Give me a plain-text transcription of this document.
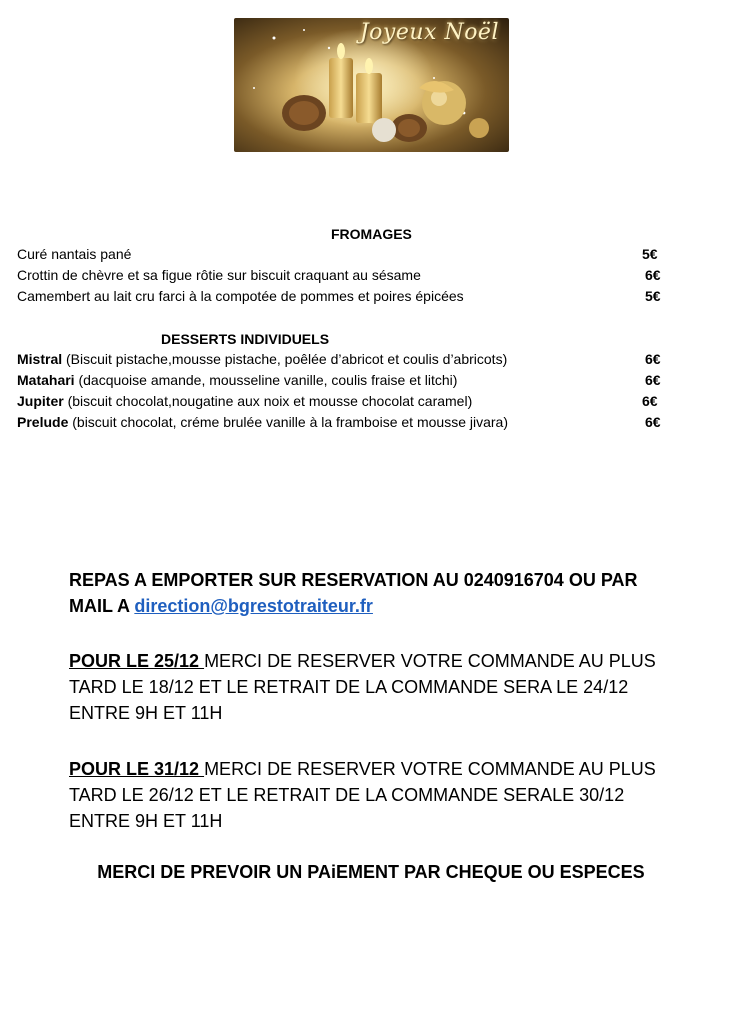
Joyeux Noël
FROMAGES
Curé nantais pané	5€
Crottin de chèvre et sa figue rôtie sur biscuit craquant au sésame	6€
Camembert au lait cru farci à la compotée de pommes et poires épicées	5€
DESSERTS INDIVIDUELS
Mistral (Biscuit pistache,mousse pistache, poêlée d’abricot et coulis d’abricots)	6€
Matahari (dacquoise amande, mousseline vanille, coulis fraise et litchi)	6€
Jupiter (biscuit chocolat,nougatine aux noix et mousse chocolat caramel)	6€
Prelude (biscuit chocolat, créme brulée vanille à la framboise et mousse jivara)	6€
REPAS A EMPORTER SUR RESERVATION AU 0240916704 OU PAR
MAIL A direction@bgrestotraiteur.fr
POUR LE 25/12 MERCI DE RESERVER VOTRE COMMANDE AU PLUS
TARD LE 18/12 ET LE RETRAIT DE LA COMMANDE SERA LE 24/12
ENTRE 9H ET 11H
POUR LE 31/12 MERCI DE RESERVER VOTRE COMMANDE AU PLUS
TARD LE 26/12 ET LE RETRAIT DE LA COMMANDE SERALE 30/12
ENTRE 9H ET 11H
MERCI DE PREVOIR UN PAiEMENT PAR CHEQUE OU ESPECES
